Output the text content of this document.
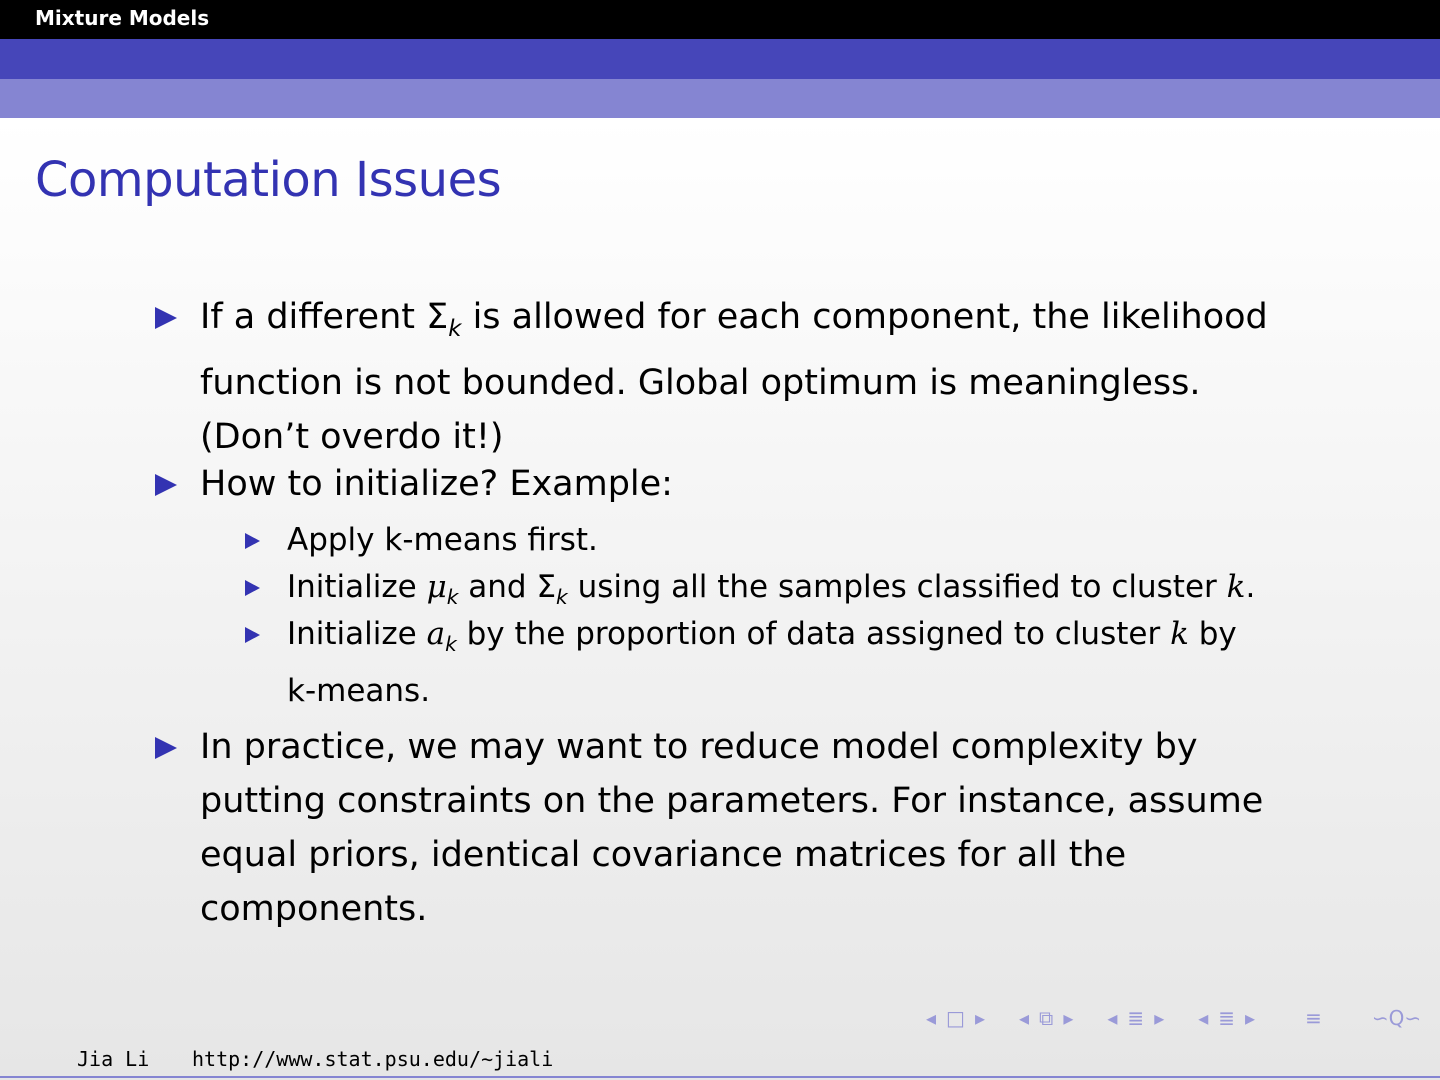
Mixture Models
Computation Issues
If a different $\Sigma_k$ is allowed for each component, the likelihood
function is not bounded. Global optimum is meaningless.
(Don’t overdo it!)
How to initialize? Example:
Apply k-means first.
Initialize $\mu_k$ and $\Sigma_k$ using all the samples classified to cluster k.
Initialize $a_k$ by the proportion of data assigned to cluster k by
k-means.
In practice, we may want to reduce model complexity by
putting constraints on the parameters. For instance, assume
equal priors, identical covariance matrices for all the
components.
◂ □ ▸ ◂ ⧉ ▸ ◂ ≣ ▸ ◂ ≣ ▸	≡	∽Q∽
Jia Li http://www.stat.psu.edu/∼jiali
